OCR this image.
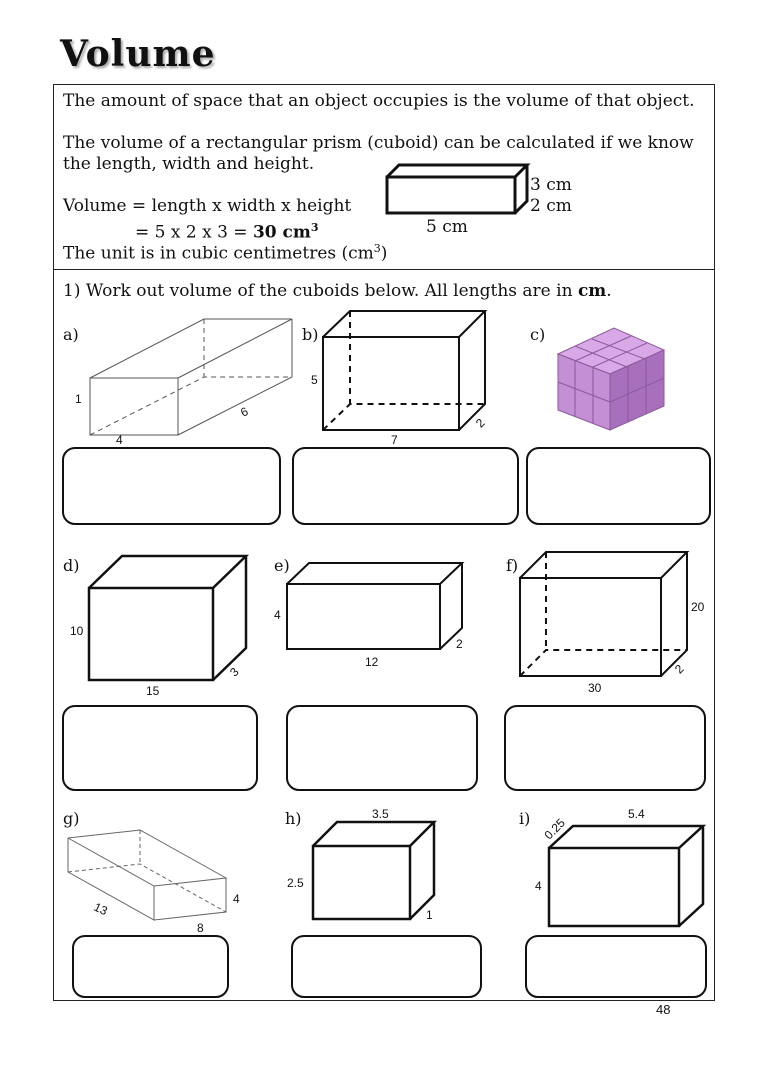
Volume
The amount of space that an object occupies is the volume of that object.
The volume of a rectangular prism (cuboid) can be calculated if we know
the length, width and height.
Volume = length x width x height
= 5 x 2 x 3 = 30 $cm^3$
The unit is in cubic centimetres $(cm^3)$
3 cm
2 cm
5 cm
1) Work out volume of the cuboids below. All lengths are in cm.
a)	b)	c)
d)	e)	f)
g)	h)	i)
1
6
4
5
7
2
10
15
3
4
12
2
20
30
2
13
8
4
3.5
2.5
1
0.25
5.4
4
48
